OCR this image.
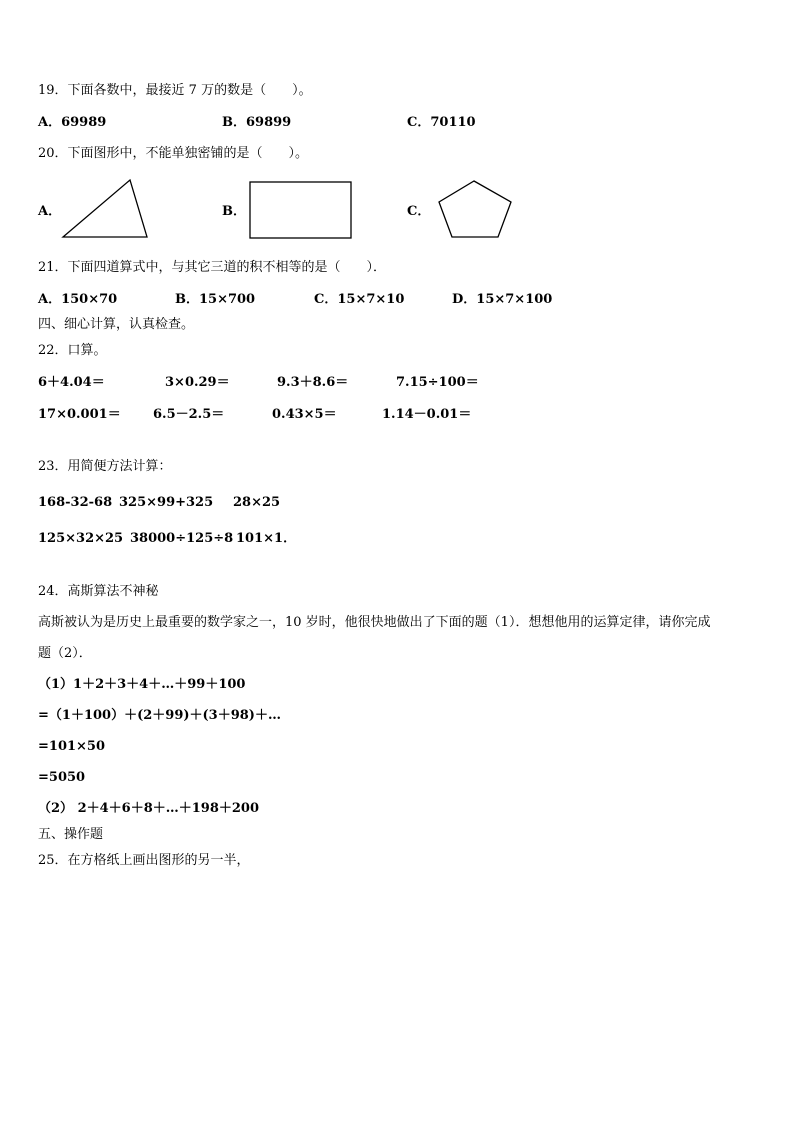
19．下面各数中，最接近 7 万的数是（　　）。
A．69989	B．69899	C．70110
20．下面图形中，不能单独密铺的是（　　）。
A．	B．	C．
21．下面四道算式中，与其它三道的积不相等的是（　　）．
A．150×70	B．15×700	C．15×7×10	D．15×7×100
四、细心计算，认真检查。
22．口算。
6＋4.04＝	3×0.29＝	9.3＋8.6＝	7.15÷100＝
17×0.001＝ 6.5－2.5＝	0.43×5＝	1.14－0.01＝
23．用简便方法计算：
168-32-68 325×99+325 28×25
125×32×25 38000÷125÷8 101×1．
24．高斯算法不神秘
高斯被认为是历史上最重要的数学家之一，10 岁时，他很快地做出了下面的题（1）．想想他用的运算定律，请你完成
题（2）．
（1）1＋2＋3＋4＋…＋99＋100
=（1＋100）＋(2＋99)＋(3＋98)＋…
=101×50
=5050
（2） 2＋4＋6＋8＋…＋198＋200
五、操作题
25．在方格纸上画出图形的另一半，
